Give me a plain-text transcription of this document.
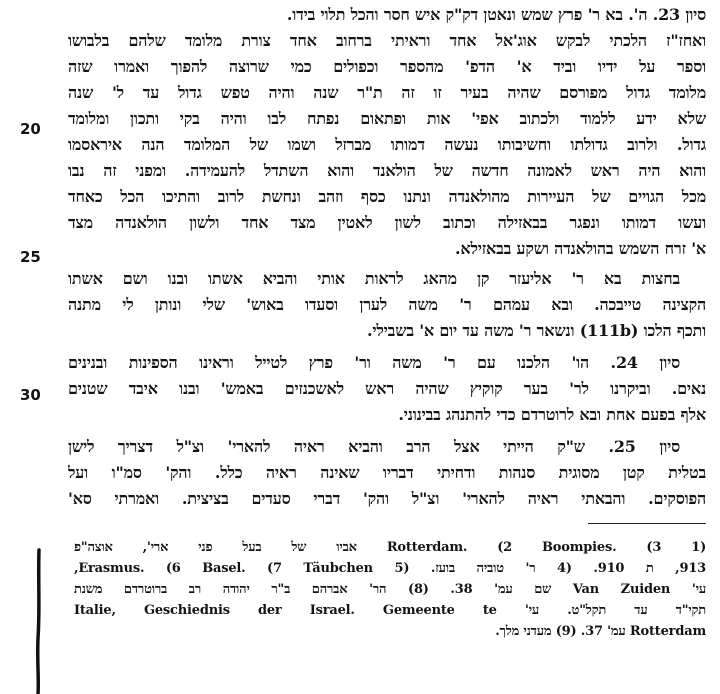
סיון 23. ה'. בא ר' פרץ שמש ונאטן דק"ק איש חסר והכל תלוי בידו.
ואחז"ז הלכתי לבקש אוג'אל אחד וראיתי ברחוב אחד צורת מלומד שלהם בלבושו
וספר על ידיו וביד א' הדפ' מהספר וכפולים כמי שרוצה להפוך ואמרו שזה
מלומד גדול מפורסם שהיה בעיר זו זה ת"ר שנה והיה טפש גדול עד ל' שנה
שלא ידע ללמוד ולכתוב אפי' אות ופתאום נפתח לבו והיה בקי ותכון ומלומד
גדול. ולרוב גדולתו וחשיבותו נעשה דמותו מברזל ושמו של המלומד הנה איראסמו
והוא היה ראש לאמונה חדשה של הולאנד והוא השתדל להעמידה. ומפני זה נבו
מכל הגויים של העיירות מהולאנדה ונתנו כסף וזהב ונחשת לרוב והתיכו הכל כאחד
ועשו דמותו ונפגר בבאזילה וכתוב לשון לאטין מצד אחד ולשון הולאנדה מצד
א' זרח השמש בהולאנדה ושקע בבאזילא.
בחצות בא ר' אליעזר קן מהאג לראות אותי והביא אשתו ובנו ושם אשתו
הקצינה טייבכה. ובא עמהם ר' משה לערן וסעדו באוש' שלי ונותן לי מתנה
ותכף הלכו (111b) ונשאר ר' משה עד יום א' בשבילי.
סיון 24. הו' הלכנו עם ר' משה ור' פרץ לטייל וראינו הספינות ובנינים
נאים. וביקרנו לר' בער קוקיץ שהיה ראש לאשכנזים באמש' ובנו איבד שטנים
אלף בפעם אחת ובא לרוטרדם כדי להתנהג בבינוני.
סיון 25. ש"ק הייתי אצל הרב והביא ראיה להארי' וצ"ל דצריך לישן
בטלית קטן מסוגית סנהות ודחיתי דבריו שאינה ראיה כלל. והק' סמ"ו ועל
הפוסקים. והבאתי ראיה להארי' וצ"ל והק' דברי סעדים בציצית. ואמרתי סא'
20
25
30
(1 Rotterdam. (2 Boompies. (3 אביו של בעל פני ארי', אוצה"פ
913, ת 910. (4 ר' טוביה בועז. (5 Erasmus. (6 Basel. (7 Täubchen,
עי' Van Zuiden שם עמ' 38. (8) הר' אברהם ב"ר יהודה רב ברוטרדם משנת
תקי"ד עד תקל"ט. עי' Italie, Geschiednis der Israel. Gemeente te
Rotterdam עמ' 37. (9) מעדני מלך.
